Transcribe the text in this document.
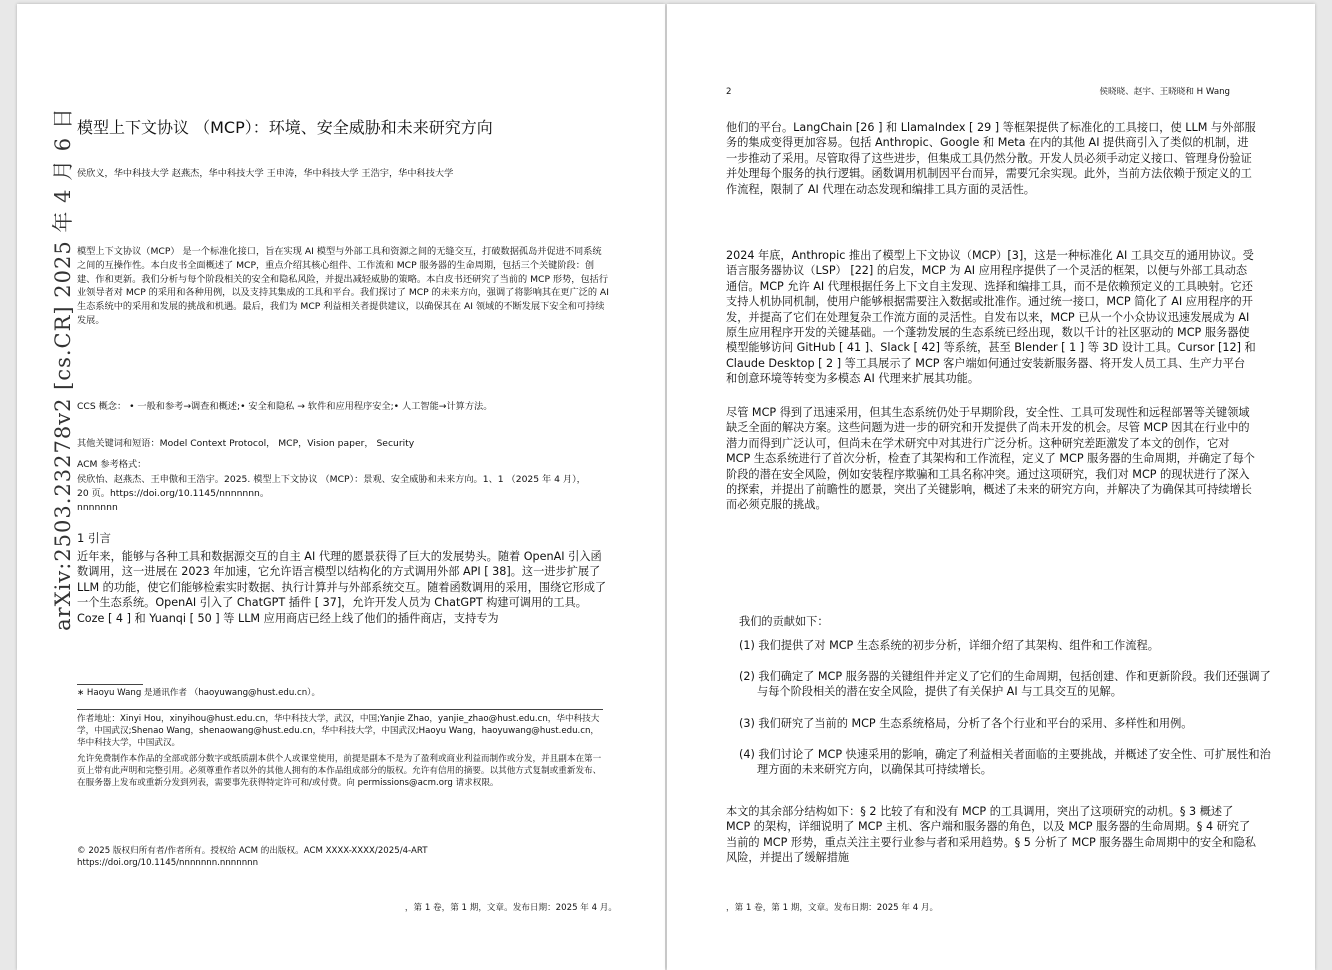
arXiv:2503.23278v2 [cs.CR] 2025 年 4 月 6 日 模型上下文协议 （MCP）：环境、安全威胁和未来研究方向
侯欣义，华中科技大学 赵燕杰，华中科技大学 王申涛，华中科技大学 王浩宇，华中科技大学
模型上下文协议（MCP） 是一个标准化接口，旨在实现 AI 模型与外部工具和资源之间的无缝交互，打破数据孤岛并促进不同系统之间的互操作性。本白皮书全面概述了 MCP，重点介绍其核心组件、工作流和 MCP 服务器的生命周期，包括三个关键阶段：创建、作和更新。我们分析与每个阶段相关的安全和隐私风险，并提出减轻威胁的策略。本白皮书还研究了当前的 MCP 形势，包括行业领导者对 MCP 的采用和各种用例，以及支持其集成的工具和平台。我们探讨了 MCP 的未来方向，强调了将影响其在更广泛的 AI 生态系统中的采用和发展的挑战和机遇。最后，我们为 MCP 利益相关者提供建议，以确保其在 AI 领域的不断发展下安全和可持续发展。
CCS 概念： • 一般和参考→调查和概述;• 安全和隐私 → 软件和应用程序安全;• 人工智能→计算方法。
其他关键词和短语：Model Context Protocol， MCP，Vision paper， Security
ACM 参考格式：
侯欣怡、赵燕杰、王申傲和王浩宇。2025. 模型上下文协议 （MCP）：景观、安全威胁和未来方向。1、1 （2025 年 4 月），20 页。https://doi.org/10.1145/nnnnnnn。
nnnnnnn
1 引言
近年来，能够与各种工具和数据源交互的自主 AI 代理的愿景获得了巨大的发展势头。随着 OpenAI 引入函数调用，这一进展在 2023 年加速，它允许语言模型以结构化的方式调用外部 API [ 38]。这一进步扩展了 LLM 的功能，使它们能够检索实时数据、执行计算并与外部系统交互。随着函数调用的采用，围绕它形成了一个生态系统。OpenAI 引入了 ChatGPT 插件 [ 37]，允许开发人员为 ChatGPT 构建可调用的工具。Coze [ 4 ] 和 Yuanqi [ 50 ] 等 LLM 应用商店已经上线了他们的插件商店，支持专为
∗ Haoyu Wang 是通讯作者 （haoyuwang@hust.edu.cn）。
作者地址：Xinyi Hou，xinyihou@hust.edu.cn，华中科技大学，武汉，中国;Yanjie Zhao，yanjie_zhao@hust.edu.cn，华中科技大学，中国武汉;Shenao Wang，shenaowang@hust.edu.cn，华中科技大学，中国武汉;Haoyu Wang，haoyuwang@hust.edu.cn，华中科技大学，中国武汉。
允许免费制作本作品的全部或部分数字或纸质副本供个人或课堂使用，前提是副本不是为了盈利或商业利益而制作或分发，并且副本在第一页上带有此声明和完整引用。必须尊重作者以外的其他人拥有的本作品组成部分的版权。允许有信用的摘要。以其他方式复制或重新发布、在服务器上发布或重新分发到列表，需要事先获得特定许可和/或付费。向 permissions@acm.org 请求权限。
© 2025 版权归所有者/作者所有。授权给 ACM 的出版权。ACM XXXX-XXXX/2025/4-ART https://doi.org/10.1145/nnnnnnn.nnnnnnn
，第 1 卷，第 1 期，文章。发布日期：2025 年 4 月。
2	侯晓晓、赵宇、王晓晓和 H Wang
他们的平台。LangChain [26 ] 和 LlamaIndex [ 29 ] 等框架提供了标准化的工具接口，使 LLM 与外部服务的集成变得更加容易。包括 Anthropic、Google 和 Meta 在内的其他 AI 提供商引入了类似的机制，进一步推动了采用。尽管取得了这些进步，但集成工具仍然分散。开发人员必须手动定义接口、管理身份验证并处理每个服务的执行逻辑。函数调用机制因平台而异，需要冗余实现。此外，当前方法依赖于预定义的工作流程，限制了 AI 代理在动态发现和编排工具方面的灵活性。
2024 年底，Anthropic 推出了模型上下文协议（MCP）[3]，这是一种标准化 AI 工具交互的通用协议。受语言服务器协议（LSP） [22] 的启发，MCP 为 AI 应用程序提供了一个灵活的框架，以便与外部工具动态通信。MCP 允许 AI 代理根据任务上下文自主发现、选择和编排工具，而不是依赖预定义的工具映射。它还支持人机协同机制，使用户能够根据需要注入数据或批准作。通过统一接口，MCP 简化了 AI 应用程序的开发，并提高了它们在处理复杂工作流方面的灵活性。自发布以来，MCP 已从一个小众协议迅速发展成为 AI 原生应用程序开发的关键基础。一个蓬勃发展的生态系统已经出现，数以千计的社区驱动的 MCP 服务器使模型能够访问 GitHub [ 41 ]、Slack [ 42] 等系统，甚至 Blender [ 1 ] 等 3D 设计工具。Cursor [12] 和 Claude Desktop [ 2 ] 等工具展示了 MCP 客户端如何通过安装新服务器、将开发人员工具、生产力平台和创意环境等转变为多模态 AI 代理来扩展其功能。
尽管 MCP 得到了迅速采用，但其生态系统仍处于早期阶段，安全性、工具可发现性和远程部署等关键领域缺乏全面的解决方案。这些问题为进一步的研究和开发提供了尚未开发的机会。尽管 MCP 因其在行业中的潜力而得到广泛认可，但尚未在学术研究中对其进行广泛分析。这种研究差距激发了本文的创作，它对 MCP 生态系统进行了首次分析，检查了其架构和工作流程，定义了 MCP 服务器的生命周期，并确定了每个阶段的潜在安全风险，例如安装程序欺骗和工具名称冲突。通过这项研究，我们对 MCP 的现状进行了深入的探索，并提出了前瞻性的愿景，突出了关键影响，概述了未来的研究方向，并解决了为确保其可持续增长而必须克服的挑战。
我们的贡献如下：
(1) 我们提供了对 MCP 生态系统的初步分析，详细介绍了其架构、组件和工作流程。
(2) 我们确定了 MCP 服务器的关键组件并定义了它们的生命周期，包括创建、作和更新阶段。我们还强调了与每个阶段相关的潜在安全风险，提供了有关保护 AI 与工具交互的见解。
(3) 我们研究了当前的 MCP 生态系统格局，分析了各个行业和平台的采用、多样性和用例。
(4) 我们讨论了 MCP 快速采用的影响，确定了利益相关者面临的主要挑战，并概述了安全性、可扩展性和治理方面的未来研究方向，以确保其可持续增长。
本文的其余部分结构如下：§ 2 比较了有和没有 MCP 的工具调用，突出了这项研究的动机。§ 3 概述了 MCP 的架构，详细说明了 MCP 主机、客户端和服务器的角色，以及 MCP 服务器的生命周期。§ 4 研究了当前的 MCP 形势，重点关注主要行业参与者和采用趋势。§ 5 分析了 MCP 服务器生命周期中的安全和隐私风险，并提出了缓解措施
，第 1 卷，第 1 期，文章。发布日期：2025 年 4 月。
